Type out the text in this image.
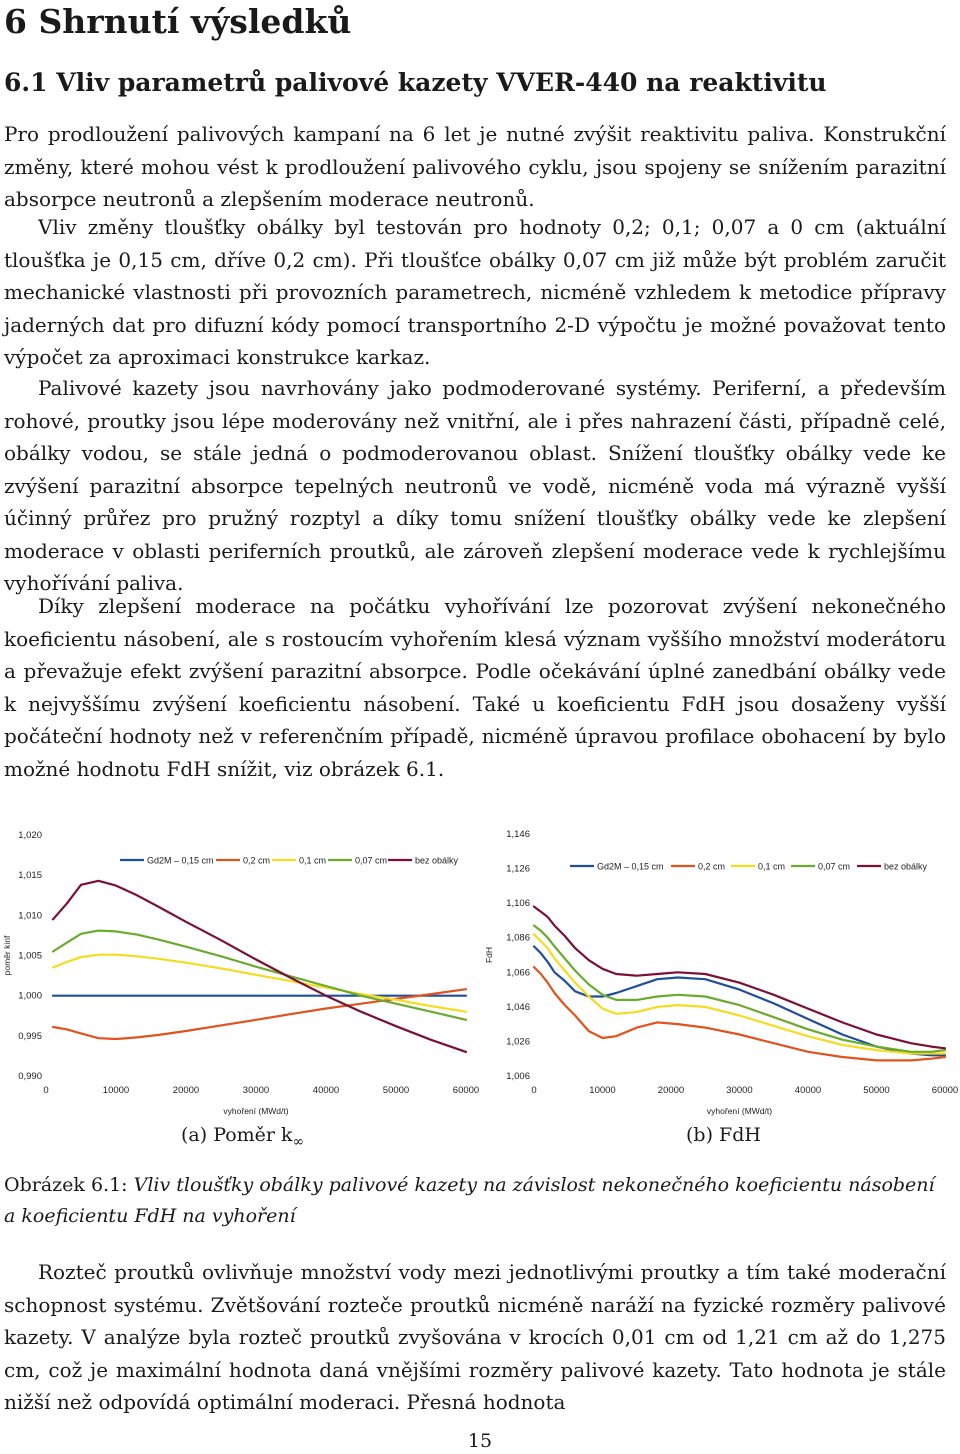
6 Shrnutí výsledků
6.1 Vliv parametrů palivové kazety VVER-440 na reaktivitu

Pro prodloužení palivových kampaní na 6 let je nutné zvýšit reaktivitu paliva. Konstrukční změny, které mohou vést k prodloužení palivového cyklu, jsou spojeny se snížením parazitní absorpce neutronů a zlepšením moderace neutronů.

Vliv změny tloušťky obálky byl testován pro hodnoty 0,2; 0,1; 0,07 a 0 cm (aktuální tloušťka je 0,15 cm, dříve 0,2 cm). Při tloušťce obálky 0,07 cm již může být problém zaručit mechanické vlastnosti při provozních parametrech, nicméně vzhledem k metodice přípravy jaderných dat pro difuzní kódy pomocí transportního 2-D výpočtu je možné považovat tento výpočet za aproximaci konstrukce karkaz.

Palivové kazety jsou navrhovány jako podmoderované systémy. Periferní, a především rohové, proutky jsou lépe moderovány než vnitřní, ale i přes nahrazení části, případně celé, obálky vodou, se stále jedná o podmoderovanou oblast. Snížení tloušťky obálky vede ke zvýšení parazitní absorpce tepelných neutronů ve vodě, nicméně voda má výrazně vyšší účinný průřez pro pružný rozptyl a díky tomu snížení tloušťky obálky vede ke zlepšení moderace v oblasti periferních proutků, ale zároveň zlepšení moderace vede k rychlejšímu vyhořívání paliva.

Díky zlepšení moderace na počátku vyhořívání lze pozorovat zvýšení nekonečného koeficientu násobení, ale s rostoucím vyhořením klesá význam vyššího množství moderátoru a převažuje efekt zvýšení parazitní absorpce. Podle očekávání úplné zanedbání obálky vede k nejvyššímu zvýšení koeficientu násobení. Také u koeficientu FdH jsou dosaženy vyšší počáteční hodnoty než v referenčním případě, nicméně úpravou profilace obohacení by bylo možné hodnotu FdH snížit, viz obrázek 6.1.

0,990
0,995
1,000
1,005
1,010
1,015
1,020
0	10000	20000	30000	40000	50000	60000
vyhoření (MWd/t)
poměr kinf
Gd2M – 0,15 cm	0,2 cm	0,1 cm	0,07 cm	bez obálky
1,006
1,026
1,046
1,066
1,086
1,106
1,126
1,146
0	10000	20000	30000	40000	50000	60000
vyhoření (MWd/t)
FdH
Gd2M – 0,15 cm	0,2 cm	0,1 cm	0,07 cm	bez obálky
(a) Poměr $k_\infty$	(b) FdH
Obrázek 6.1: Vliv tloušťky obálky palivové kazety na závislost nekonečného koeficientu násobení a koeficientu FdH na vyhoření

Rozteč proutků ovlivňuje množství vody mezi jednotlivými proutky a tím také moderační schopnost systému. Zvětšování rozteče proutků nicméně naráží na fyzické rozměry palivové kazety. V analýze byla rozteč proutků zvyšována v krocích 0,01 cm od 1,21 cm až do 1,275 cm, což je maximální hodnota daná vnějšími rozměry palivové kazety. Tato hodnota je stále nižší než odpovídá optimální moderaci. Přesná hodnota

15
